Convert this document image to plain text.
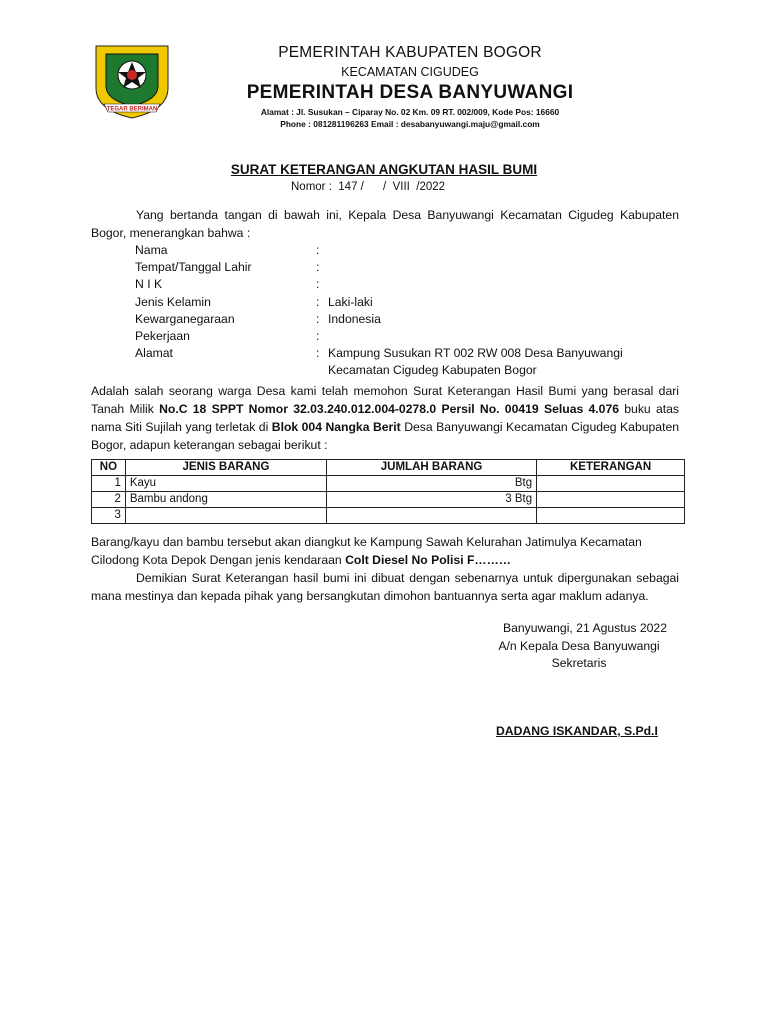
TEGAR BERIMAN
PEMERINTAH KABUPATEN BOGOR
KECAMATAN CIGUDEG
PEMERINTAH DESA BANYUWANGI
Alamat : Jl. Susukan – Ciparay No. 02 Km. 09 RT. 002/009, Kode Pos: 16660
Phone : 081281196263 Email : desabanyuwangi.maju@gmail.com
SURAT KETERANGAN ANGKUTAN HASIL BUMI
Nomor :  147 /      /  VIII  /2022
Yang bertanda tangan di bawah ini, Kepala Desa Banyuwangi Kecamatan Cigudeg Kabupaten Bogor, menerangkan bahwa :
Nama	:
Tempat/Tanggal Lahir	:
N I K	:
Jenis Kelamin	: Laki-laki
Kewarganegaraan	: Indonesia
Pekerjaan	:
Alamat	: Kampung Susukan RT 002 RW 008 Desa Banyuwangi
Kecamatan Cigudeg Kabupaten Bogor
Adalah salah seorang warga Desa kami telah memohon Surat Keterangan Hasil Bumi yang berasal dari Tanah Milik No.C 18 SPPT Nomor 32.03.240.012.004-0278.0 Persil No. 00419 Seluas 4.076 buku atas nama Siti Sujilah yang terletak di Blok 004 Nangka Berit Desa Banyuwangi Kecamatan Cigudeg Kabupaten Bogor, adapun keterangan sebagai berikut :
NO	JENIS BARANG	JUMLAH BARANG	KETERANGAN
1	Kayu	Btg	
2	Bambu andong	3 Btg	
3			
Barang/kayu dan bambu tersebut akan diangkut ke Kampung Sawah Kelurahan Jatimulya Kecamatan Cilodong Kota Depok Dengan jenis kendaraan Colt Diesel No Polisi F………
Demikian Surat Keterangan hasil bumi ini dibuat dengan sebenarnya untuk dipergunakan sebagai mana mestinya dan kepada pihak yang bersangkutan dimohon bantuannya serta agar maklum adanya.
Banyuwangi, 21 Agustus 2022
A/n Kepala Desa Banyuwangi
Sekretaris
DADANG ISKANDAR, S.Pd.I
